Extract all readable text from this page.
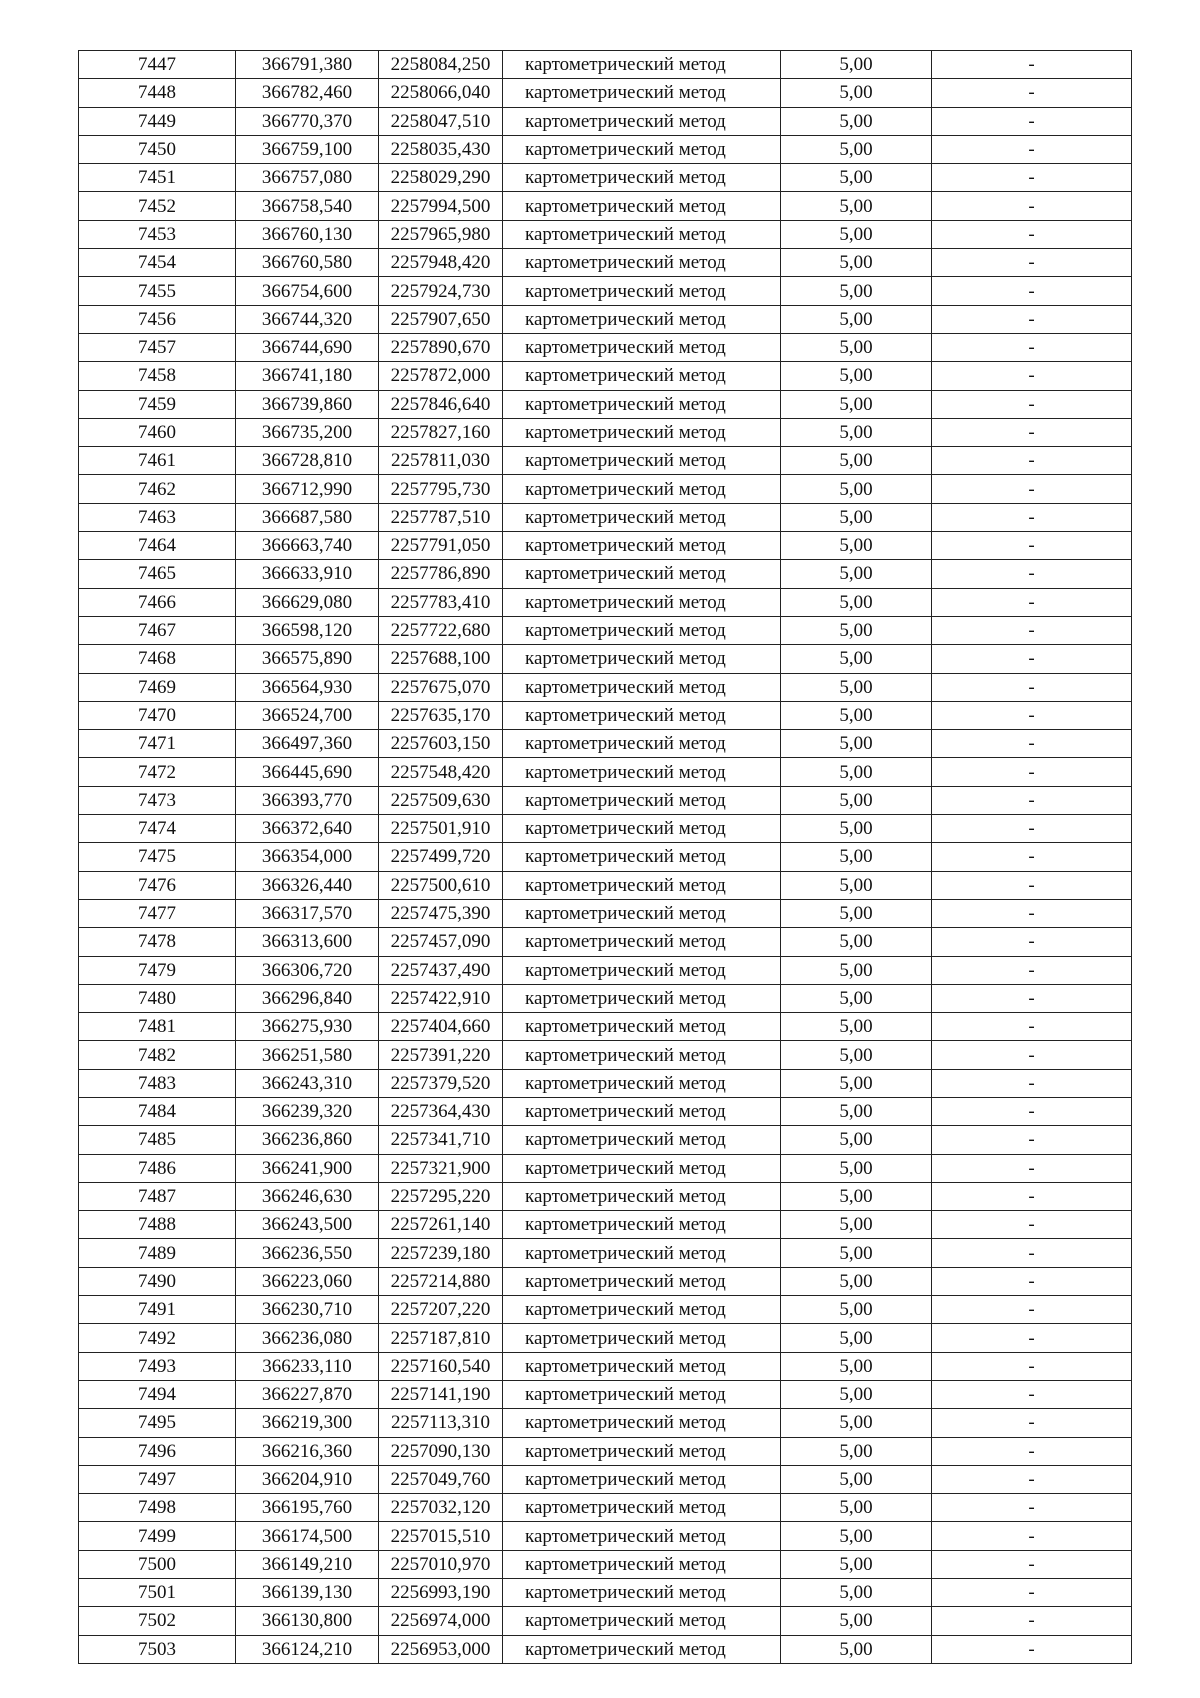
7447	366791,380	2258084,250	картометрический метод	5,00	-
7448	366782,460	2258066,040	картометрический метод	5,00	-
7449	366770,370	2258047,510	картометрический метод	5,00	-
7450	366759,100	2258035,430	картометрический метод	5,00	-
7451	366757,080	2258029,290	картометрический метод	5,00	-
7452	366758,540	2257994,500	картометрический метод	5,00	-
7453	366760,130	2257965,980	картометрический метод	5,00	-
7454	366760,580	2257948,420	картометрический метод	5,00	-
7455	366754,600	2257924,730	картометрический метод	5,00	-
7456	366744,320	2257907,650	картометрический метод	5,00	-
7457	366744,690	2257890,670	картометрический метод	5,00	-
7458	366741,180	2257872,000	картометрический метод	5,00	-
7459	366739,860	2257846,640	картометрический метод	5,00	-
7460	366735,200	2257827,160	картометрический метод	5,00	-
7461	366728,810	2257811,030	картометрический метод	5,00	-
7462	366712,990	2257795,730	картометрический метод	5,00	-
7463	366687,580	2257787,510	картометрический метод	5,00	-
7464	366663,740	2257791,050	картометрический метод	5,00	-
7465	366633,910	2257786,890	картометрический метод	5,00	-
7466	366629,080	2257783,410	картометрический метод	5,00	-
7467	366598,120	2257722,680	картометрический метод	5,00	-
7468	366575,890	2257688,100	картометрический метод	5,00	-
7469	366564,930	2257675,070	картометрический метод	5,00	-
7470	366524,700	2257635,170	картометрический метод	5,00	-
7471	366497,360	2257603,150	картометрический метод	5,00	-
7472	366445,690	2257548,420	картометрический метод	5,00	-
7473	366393,770	2257509,630	картометрический метод	5,00	-
7474	366372,640	2257501,910	картометрический метод	5,00	-
7475	366354,000	2257499,720	картометрический метод	5,00	-
7476	366326,440	2257500,610	картометрический метод	5,00	-
7477	366317,570	2257475,390	картометрический метод	5,00	-
7478	366313,600	2257457,090	картометрический метод	5,00	-
7479	366306,720	2257437,490	картометрический метод	5,00	-
7480	366296,840	2257422,910	картометрический метод	5,00	-
7481	366275,930	2257404,660	картометрический метод	5,00	-
7482	366251,580	2257391,220	картометрический метод	5,00	-
7483	366243,310	2257379,520	картометрический метод	5,00	-
7484	366239,320	2257364,430	картометрический метод	5,00	-
7485	366236,860	2257341,710	картометрический метод	5,00	-
7486	366241,900	2257321,900	картометрический метод	5,00	-
7487	366246,630	2257295,220	картометрический метод	5,00	-
7488	366243,500	2257261,140	картометрический метод	5,00	-
7489	366236,550	2257239,180	картометрический метод	5,00	-
7490	366223,060	2257214,880	картометрический метод	5,00	-
7491	366230,710	2257207,220	картометрический метод	5,00	-
7492	366236,080	2257187,810	картометрический метод	5,00	-
7493	366233,110	2257160,540	картометрический метод	5,00	-
7494	366227,870	2257141,190	картометрический метод	5,00	-
7495	366219,300	2257113,310	картометрический метод	5,00	-
7496	366216,360	2257090,130	картометрический метод	5,00	-
7497	366204,910	2257049,760	картометрический метод	5,00	-
7498	366195,760	2257032,120	картометрический метод	5,00	-
7499	366174,500	2257015,510	картометрический метод	5,00	-
7500	366149,210	2257010,970	картометрический метод	5,00	-
7501	366139,130	2256993,190	картометрический метод	5,00	-
7502	366130,800	2256974,000	картометрический метод	5,00	-
7503	366124,210	2256953,000	картометрический метод	5,00	-
